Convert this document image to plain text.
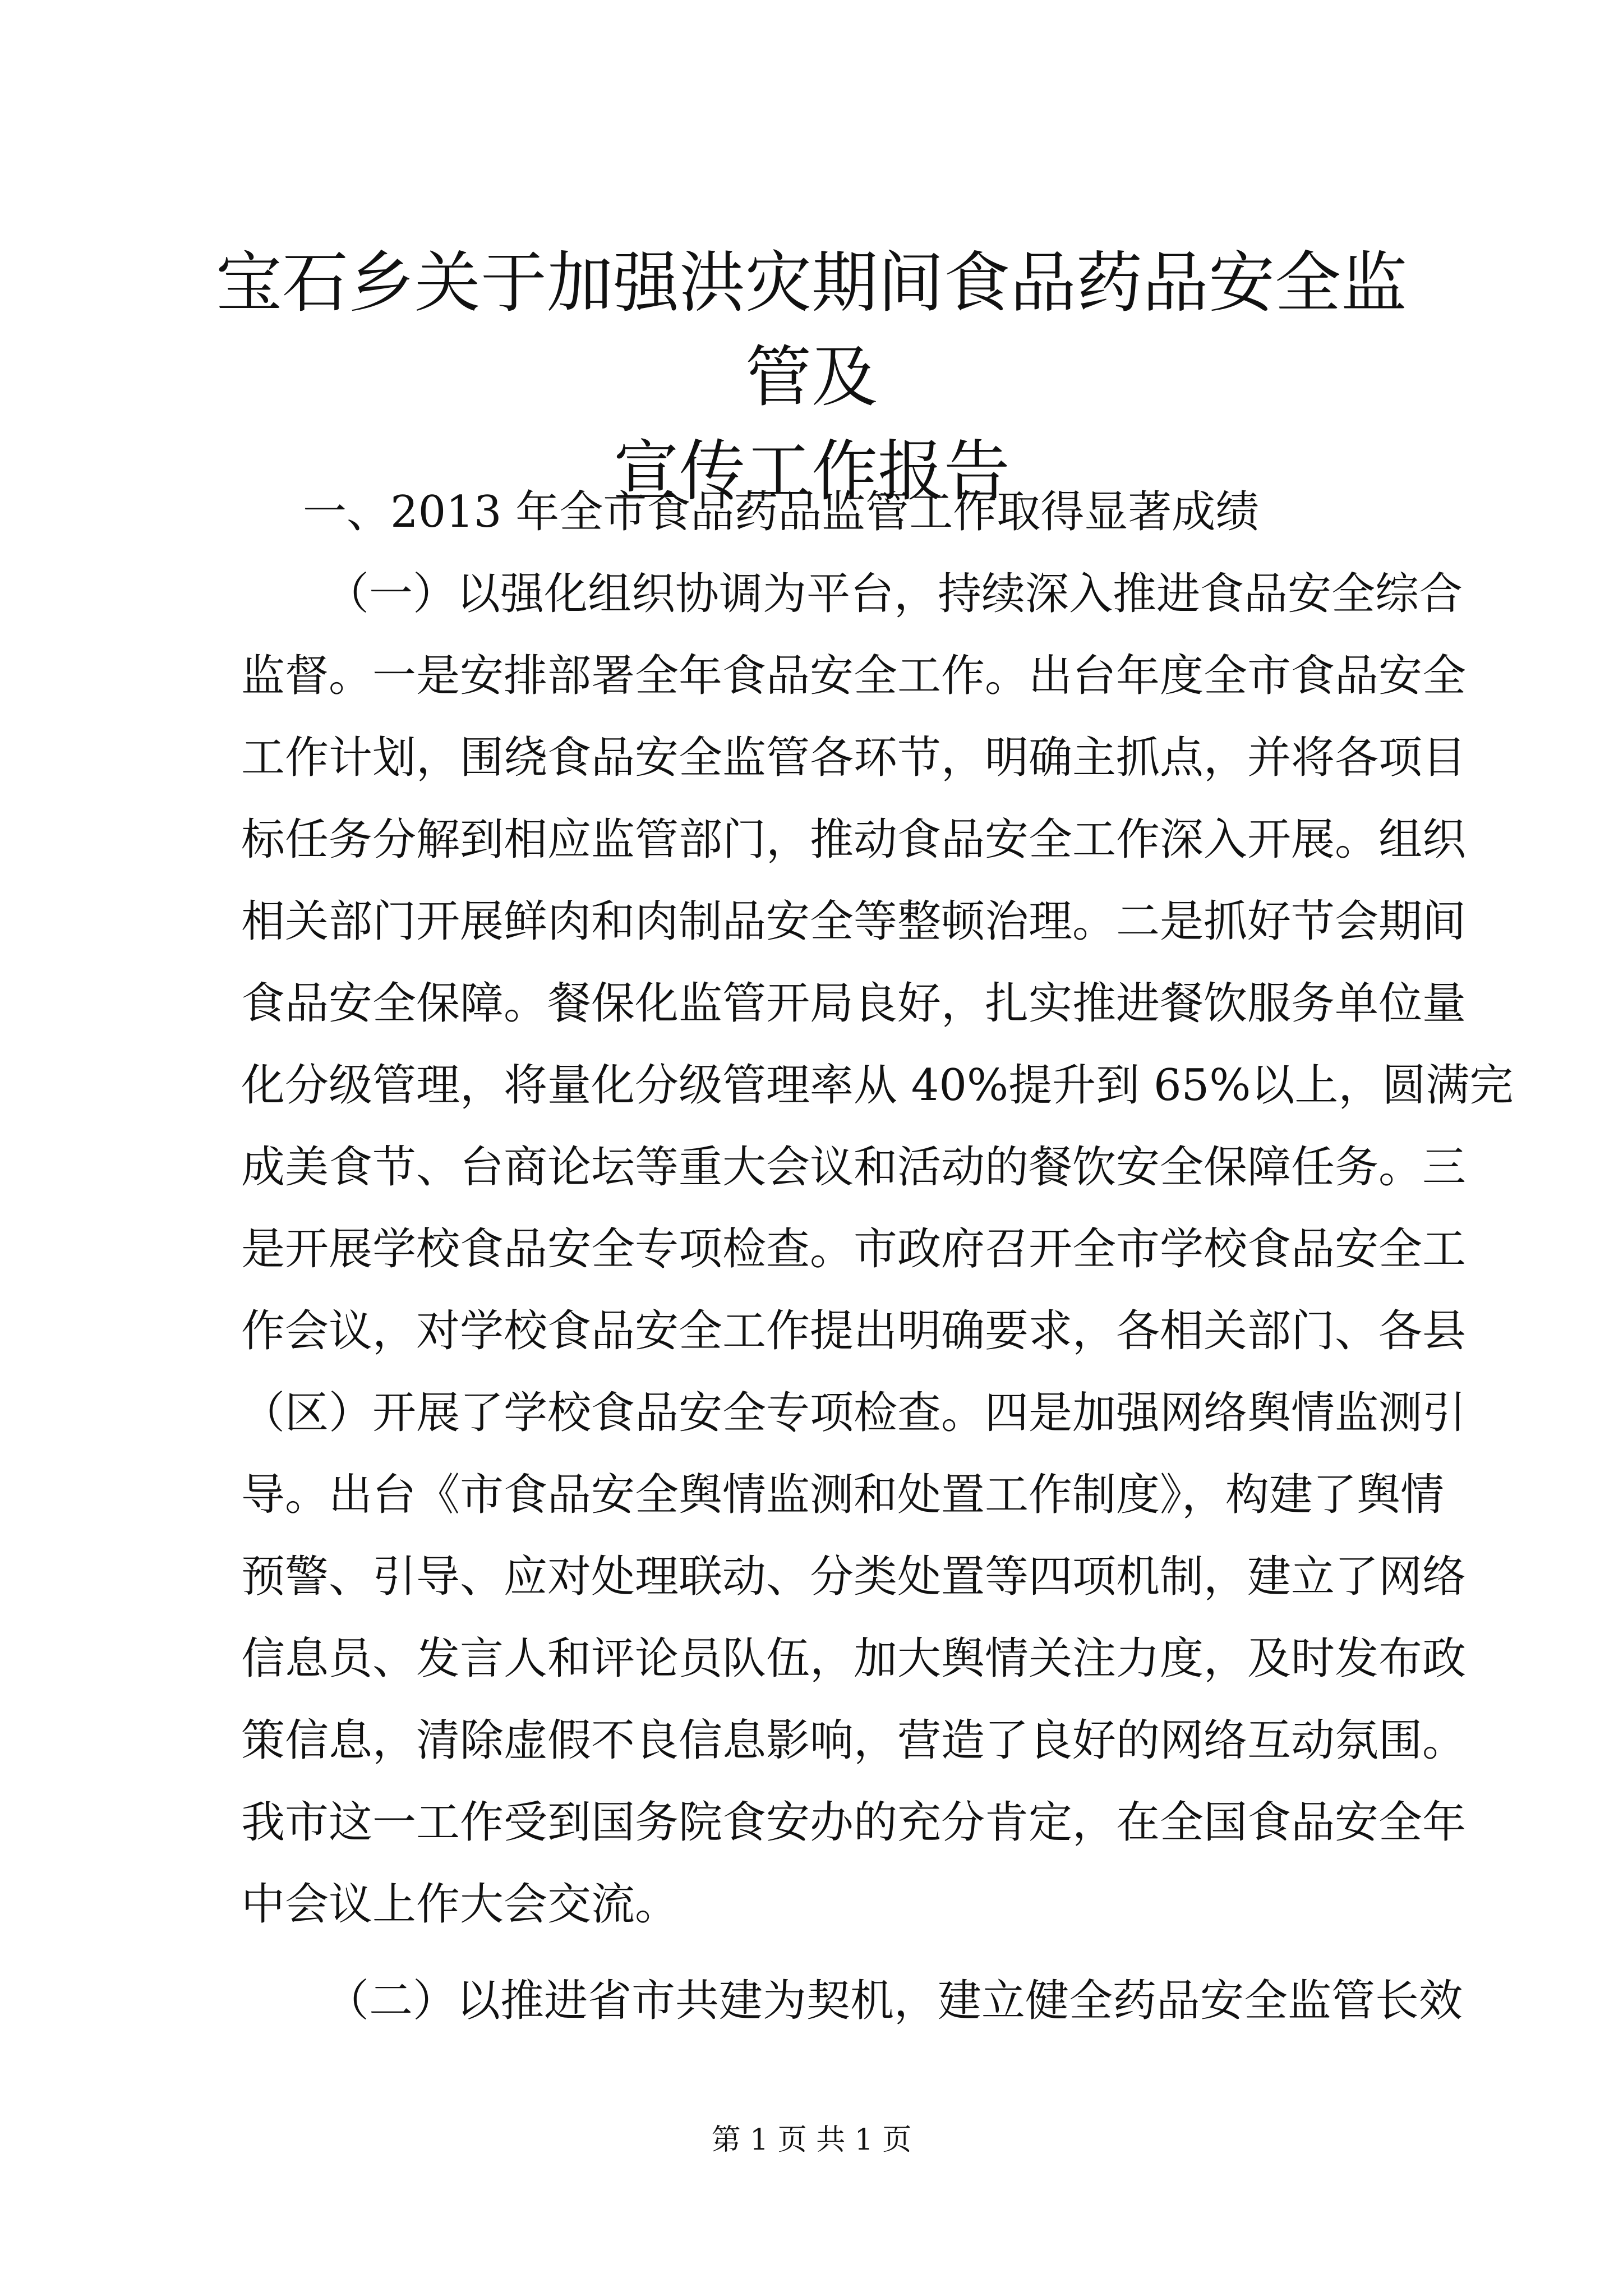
宝石乡关于加强洪灾期间食品药品安全监管及
宣传工作报告
一、2013 年全市食品药品监管工作取得显著成绩
（一）以强化组织协调为平台，持续深入推进食品安全综合
监督。一是安排部署全年食品安全工作。出台年度全市食品安全
工作计划，围绕食品安全监管各环节，明确主抓点，并将各项目
标任务分解到相应监管部门，推动食品安全工作深入开展。组织
相关部门开展鲜肉和肉制品安全等整顿治理。二是抓好节会期间
食品安全保障。餐保化监管开局良好，扎实推进餐饮服务单位量
化分级管理，将量化分级管理率从 40%提升到 65%以上，圆满完
成美食节、台商论坛等重大会议和活动的餐饮安全保障任务。三
是开展学校食品安全专项检查。市政府召开全市学校食品安全工
作会议，对学校食品安全工作提出明确要求，各相关部门、各县
（区）开展了学校食品安全专项检查。四是加强网络舆情监测引
导。出台《市食品安全舆情监测和处置工作制度》，构建了舆情
预警、引导、应对处理联动、分类处置等四项机制，建立了网络
信息员、发言人和评论员队伍，加大舆情关注力度，及时发布政
策信息，清除虚假不良信息影响，营造了良好的网络互动氛围。
我市这一工作受到国务院食安办的充分肯定，在全国食品安全年
中会议上作大会交流。
（二）以推进省市共建为契机，建立健全药品安全监管长效
第 1 页 共 1 页
